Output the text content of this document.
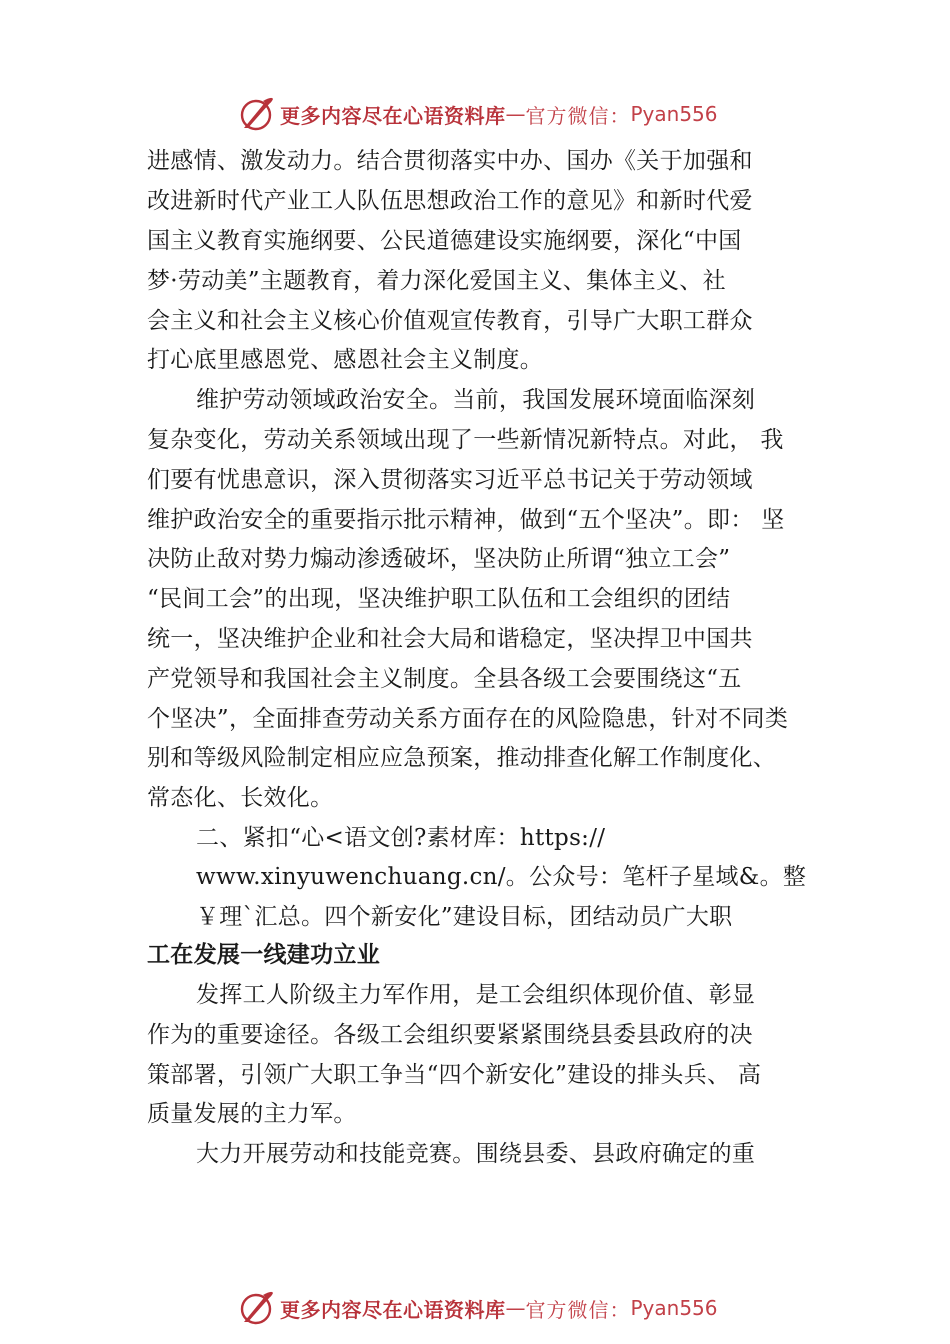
更多内容尽在心语资料库 — 官方微信： Pyan556
进感情、激发动力。结合贯彻落实中办、国办《关于加强和
改进新时代产业工人队伍思想政治工作的意见》和新时代爱
国主义教育实施纲要、公民道德建设实施纲要，深化“中国
梦·劳动美”主题教育，着力深化爱国主义、集体主义、社
会主义和社会主义核心价值观宣传教育，引导广大职工群众
打心底里感恩党、感恩社会主义制度。
维护劳动领域政治安全。当前，我国发展环境面临深刻
复杂变化，劳动关系领域出现了一些新情况新特点。对此， 我
们要有忧患意识，深入贯彻落实习近平总书记关于劳动领域
维护政治安全的重要指示批示精神，做到“五个坚决”。即： 坚
决防止敌对势力煽动渗透破坏，坚决防止所谓“独立工会”
“民间工会”的出现，坚决维护职工队伍和工会组织的团结
统一，坚决维护企业和社会大局和谐稳定，坚决捍卫中国共
产党领导和我国社会主义制度。全县各级工会要围绕这“五
个坚决”，全面排查劳动关系方面存在的风险隐患，针对不同类
别和等级风险制定相应应急预案，推动排查化解工作制度化、
常态化、长效化。
二、紧扣“心<语文创?素材库：https://
www.xinyuwenchuang.cn/。公众号：笔杆子星域&。整
￥理`汇总。四个新安化”建设目标，团结动员广大职
工在发展一线建功立业
发挥工人阶级主力军作用，是工会组织体现价值、彰显
作为的重要途径。各级工会组织要紧紧围绕县委县政府的决
策部署，引领广大职工争当“四个新安化”建设的排头兵、 高
质量发展的主力军。
大力开展劳动和技能竞赛。围绕县委、县政府确定的重
更多内容尽在心语资料库 — 官方微信： Pyan556
